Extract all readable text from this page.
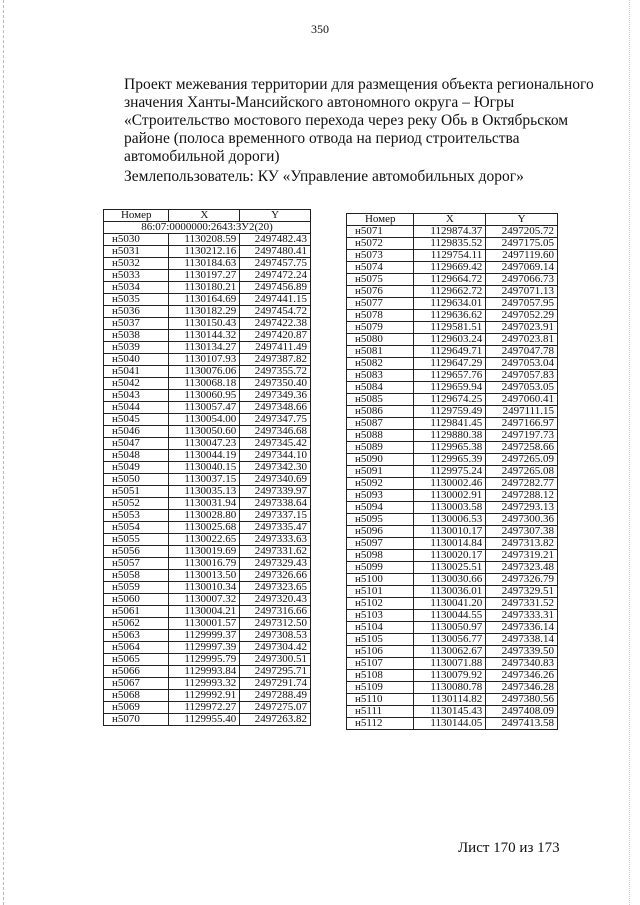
350
Проект межевания территории для размещения объекта регионального
значения Ханты-Мансийского автономного округа – Югры
«Строительство мостового перехода через реку Обь в Октябрьском
районе (полоса временного отвода на период строительства
автомобильной дороги)
Землепользователь: КУ «Управление автомобильных дорог»
Номер	X	Y
86:07:0000000:2643:ЗУ2(20)		
н5030	1130208.59	2497482.43
н5031	1130212.16	2497480.41
н5032	1130184.63	2497457.75
н5033	1130197.27	2497472.24
н5034	1130180.21	2497456.89
н5035	1130164.69	2497441.15
н5036	1130182.29	2497454.72
н5037	1130150.43	2497422.38
н5038	1130144.32	2497420.87
н5039	1130134.27	2497411.49
н5040	1130107.93	2497387.82
н5041	1130076.06	2497355.72
н5042	1130068.18	2497350.40
н5043	1130060.95	2497349.36
н5044	1130057.47	2497348.66
н5045	1130054.00	2497347.75
н5046	1130050.60	2497346.68
н5047	1130047.23	2497345.42
н5048	1130044.19	2497344.10
н5049	1130040.15	2497342.30
н5050	1130037.15	2497340.69
н5051	1130035.13	2497339.97
н5052	1130031.94	2497338.64
н5053	1130028.80	2497337.15
н5054	1130025.68	2497335.47
н5055	1130022.65	2497333.63
н5056	1130019.69	2497331.62
н5057	1130016.79	2497329.43
н5058	1130013.50	2497326.66
н5059	1130010.34	2497323.65
н5060	1130007.32	2497320.43
н5061	1130004.21	2497316.66
н5062	1130001.57	2497312.50
н5063	1129999.37	2497308.53
н5064	1129997.39	2497304.42
н5065	1129995.79	2497300.51
н5066	1129993.84	2497295.71
н5067	1129993.32	2497291.74
н5068	1129992.91	2497288.49
н5069	1129972.27	2497275.07
н5070	1129955.40	2497263.82
Номер	X	Y
н5071	1129874.37	2497205.72
н5072	1129835.52	2497175.05
н5073	1129754.11	2497119.60
н5074	1129669.42	2497069.14
н5075	1129664.72	2497066.73
н5076	1129662.72	2497071.13
н5077	1129634.01	2497057.95
н5078	1129636.62	2497052.29
н5079	1129581.51	2497023.91
н5080	1129603.24	2497023.81
н5081	1129649.71	2497047.78
н5082	1129647.29	2497053.04
н5083	1129657.76	2497057.83
н5084	1129659.94	2497053.05
н5085	1129674.25	2497060.41
н5086	1129759.49	2497111.15
н5087	1129841.45	2497166.97
н5088	1129880.38	2497197.73
н5089	1129965.38	2497258.66
н5090	1129965.39	2497265.09
н5091	1129975.24	2497265.08
н5092	1130002.46	2497282.77
н5093	1130002.91	2497288.12
н5094	1130003.58	2497293.13
н5095	1130006.53	2497300.36
н5096	1130010.17	2497307.38
н5097	1130014.84	2497313.82
н5098	1130020.17	2497319.21
н5099	1130025.51	2497323.48
н5100	1130030.66	2497326.79
н5101	1130036.01	2497329.51
н5102	1130041.20	2497331.52
н5103	1130044.55	2497333.31
н5104	1130050.97	2497336.14
н5105	1130056.77	2497338.14
н5106	1130062.67	2497339.50
н5107	1130071.88	2497340.83
н5108	1130079.92	2497346.26
н5109	1130080.78	2497346.28
н5110	1130114.82	2497380.56
н5111	1130145.43	2497408.09
н5112	1130144.05	2497413.58
Лист 170 из 173
